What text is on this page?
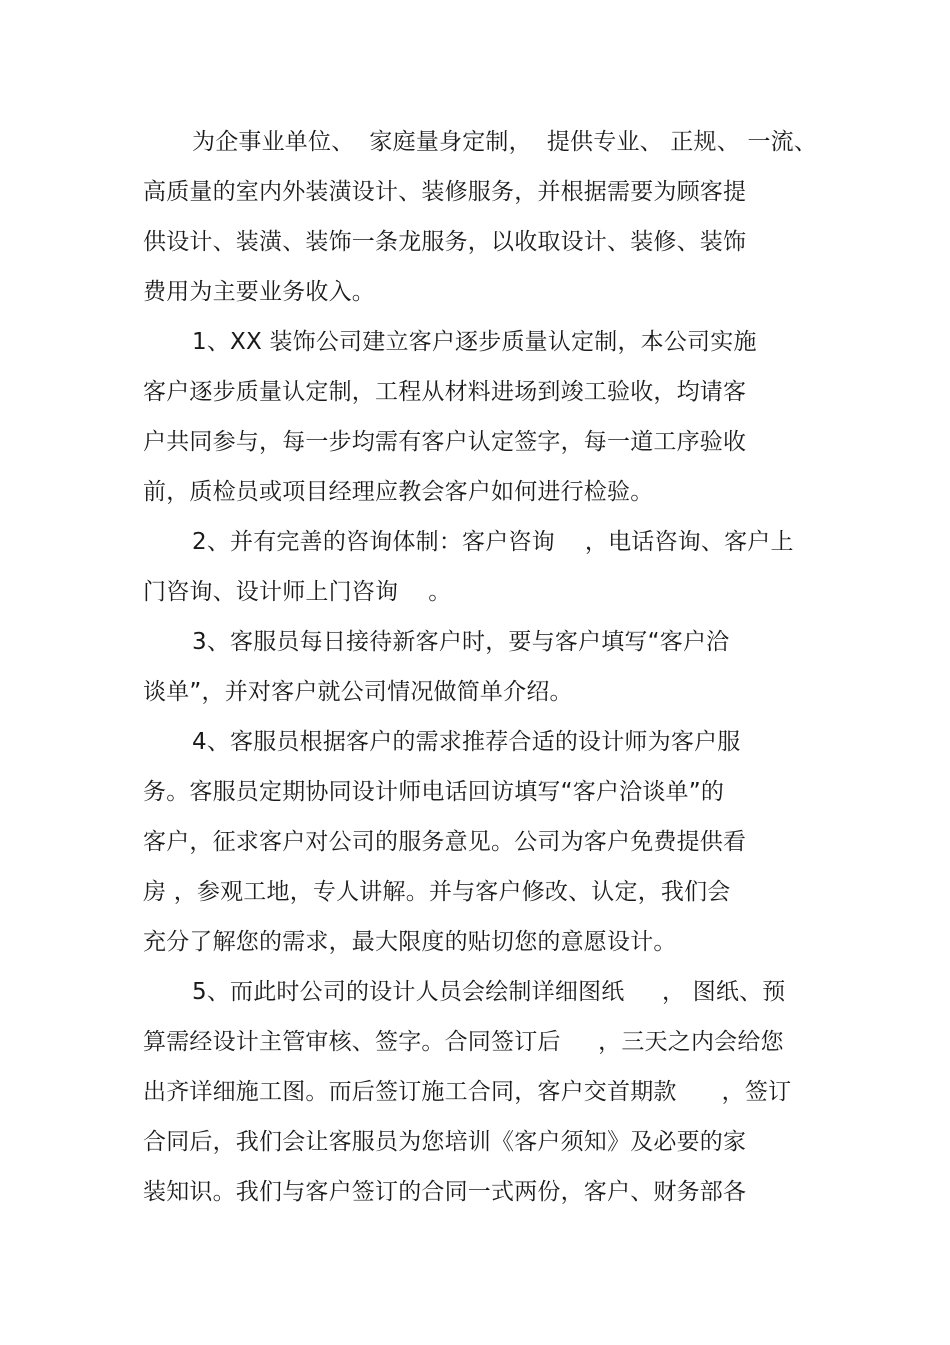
为企事业单位、  家庭量身定制，  提供专业、 正规、 一流、
高质量的室内外装潢设计、装修服务，并根据需要为顾客提
供设计、装潢、装饰一条龙服务，以收取设计、装修、装饰
费用为主要业务收入。
1、XX 装饰公司建立客户逐步质量认定制，本公司实施
客户逐步质量认定制，工程从材料进场到竣工验收，均请客
户共同参与，每一步均需有客户认定签字，每一道工序验收
前，质检员或项目经理应教会客户如何进行检验。
2、并有完善的咨询体制：客户咨询    ，电话咨询、客户上
门咨询、设计师上门咨询    。
3、客服员每日接待新客户时，要与客户填写“客户洽
谈单”，并对客户就公司情况做简单介绍。
4、客服员根据客户的需求推荐合适的设计师为客户服
务。客服员定期协同设计师电话回访填写“客户洽谈单”的
客户，征求客户对公司的服务意见。公司为客户免费提供看
房 ，参观工地，专人讲解。并与客户修改、认定，我们会
充分了解您的需求，最大限度的贴切您的意愿设计。
5、而此时公司的设计人员会绘制详细图纸     ， 图纸、预
算需经设计主管审核、签字。合同签订后     ，三天之内会给您
出齐详细施工图。而后签订施工合同，客户交首期款      ，签订
合同后，我们会让客服员为您培训《客户须知》及必要的家
装知识。我们与客户签订的合同一式两份，客户、财务部各
